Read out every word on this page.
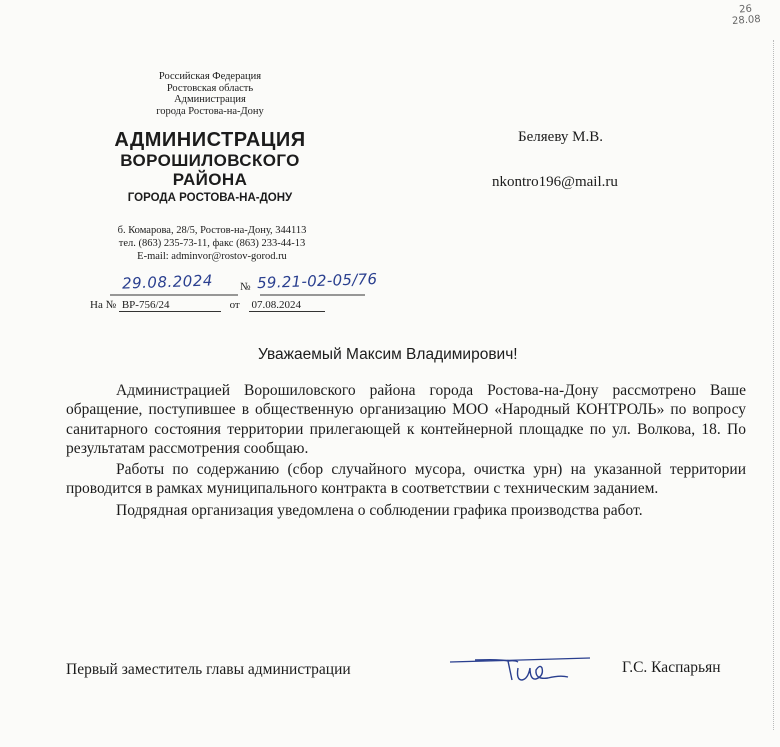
26
28.08
Российская Федерация
Ростовская область
Администрация
города Ростова-на-Дону
АДМИНИСТРАЦИЯ
ВОРОШИЛОВСКОГО
РАЙОНА
ГОРОДА РОСТОВА-НА-ДОНУ
б. Комарова, 28/5, Ростов-на-Дону, 344113
тел. (863) 235-73-11, факс (863) 233-44-13
E-mail: adminvor@rostov-gorod.ru
29.08.2024 № 59.21-02-05/76
На № ВР-756/24	от 07.08.2024
Беляеву М.В.
nkontro196@mail.ru
Уважаемый Максим Владимирович!

Администрацией Ворошиловского района города Ростова-на-Дону рассмотрено Ваше обращение, поступившее в общественную организацию МОО «Народный КОНТРОЛЬ» по вопросу санитарного состояния территории прилегающей к контейнерной площадке по ул. Волкова, 18. По результатам рассмотрения сообщаю.

Работы по содержанию (сбор случайного мусора, очистка урн) на указанной территории проводится в рамках муниципального контракта в соответствии с техническим заданием.

Подрядная организация уведомлена о соблюдении графика производства работ.

Первый заместитель главы администрации	Г.С. Каспарьян
